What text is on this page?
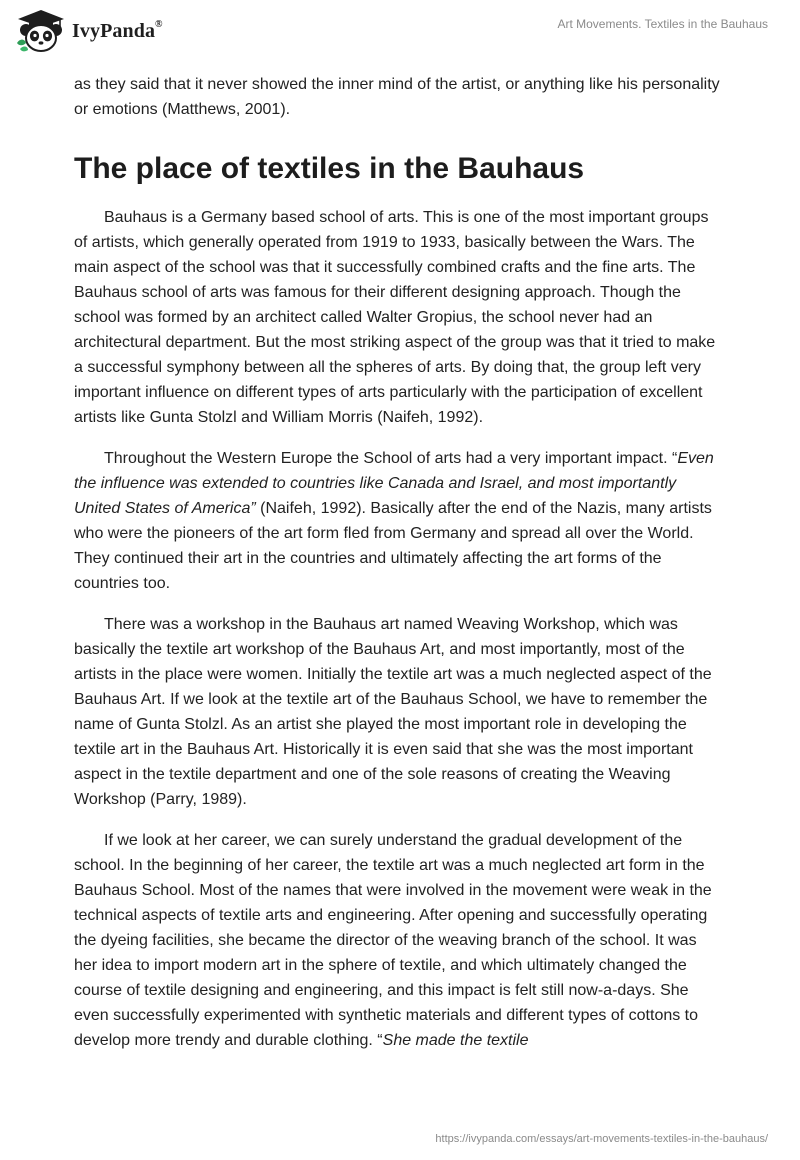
IvyPanda®	Art Movements. Textiles in the Bauhaus

as they said that it never showed the inner mind of the artist, or anything like his personality or emotions (Matthews, 2001).

The place of textiles in the Bauhaus

Bauhaus is a Germany based school of arts. This is one of the most important groups of artists, which generally operated from 1919 to 1933, basically between the Wars. The main aspect of the school was that it successfully combined crafts and the fine arts. The Bauhaus school of arts was famous for their different designing approach. Though the school was formed by an architect called Walter Gropius, the school never had an architectural department. But the most striking aspect of the group was that it tried to make a successful symphony between all the spheres of arts. By doing that, the group left very important influence on different types of arts particularly with the participation of excellent artists like Gunta Stolzl and William Morris (Naifeh, 1992).

Throughout the Western Europe the School of arts had a very important impact. “Even the influence was extended to countries like Canada and Israel, and most importantly United States of America” (Naifeh, 1992). Basically after the end of the Nazis, many artists who were the pioneers of the art form fled from Germany and spread all over the World. They continued their art in the countries and ultimately affecting the art forms of the countries too.

There was a workshop in the Bauhaus art named Weaving Workshop, which was basically the textile art workshop of the Bauhaus Art, and most importantly, most of the artists in the place were women. Initially the textile art was a much neglected aspect of the Bauhaus Art. If we look at the textile art of the Bauhaus School, we have to remember the name of Gunta Stolzl. As an artist she played the most important role in developing the textile art in the Bauhaus Art. Historically it is even said that she was the most important aspect in the textile department and one of the sole reasons of creating the Weaving Workshop (Parry, 1989).

If we look at her career, we can surely understand the gradual development of the school. In the beginning of her career, the textile art was a much neglected art form in the Bauhaus School. Most of the names that were involved in the movement were weak in the technical aspects of textile arts and engineering. After opening and successfully operating the dyeing facilities, she became the director of the weaving branch of the school. It was her idea to import modern art in the sphere of textile, and which ultimately changed the course of textile designing and engineering, and this impact is felt still now-a-days. She even successfully experimented with synthetic materials and different types of cottons to develop more trendy and durable clothing. “She made the textile

https://ivypanda.com/essays/art-movements-textiles-in-the-bauhaus/
